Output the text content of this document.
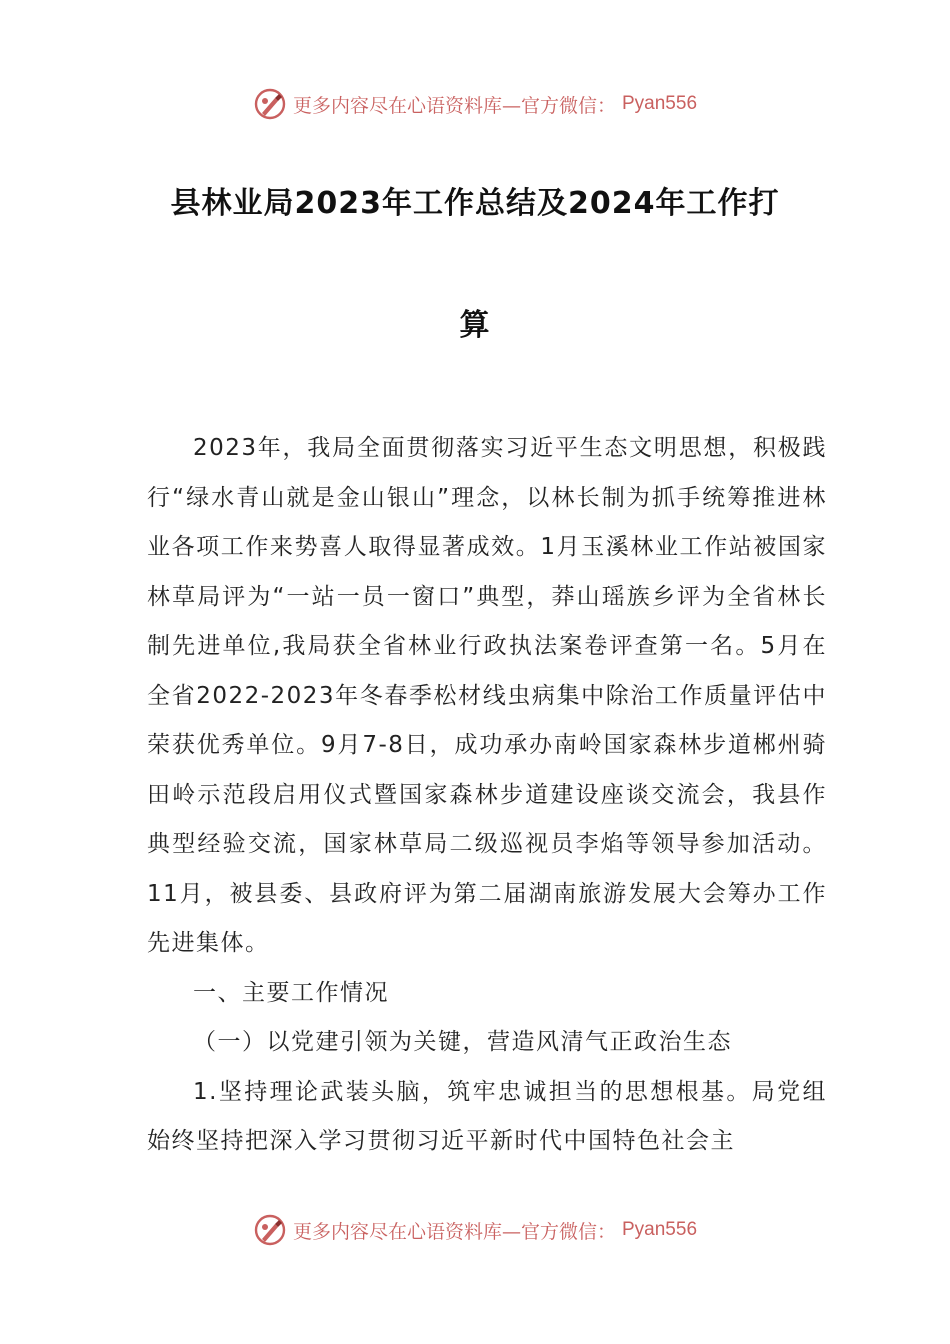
更多内容尽在心语资料库—官方微信： Pyan556
县林业局2023年工作总结及2024年工作打
算

2023年，我局全面贯彻落实习近平生态文明思想，积极践行“绿水青山就是金山银山”理念，以林长制为抓手统筹推进林业各项工作来势喜人取得显著成效。1月玉溪林业工作站被国家林草局评为“一站一员一窗口”典型，莽山瑶族乡评为全省林长制先进单位,我局获全省林业行政执法案卷评查第一名。5月在全省2022-2023年冬春季松材线虫病集中除治工作质量评估中荣获优秀单位。9月7-8日，成功承办南岭国家森林步道郴州骑田岭示范段启用仪式暨国家森林步道建设座谈交流会，我县作典型经验交流，国家林草局二级巡视员李焰等领导参加活动。11月，被县委、县政府评为第二届湖南旅游发展大会筹办工作先进集体。

一、主要工作情况

（一）以党建引领为关键，营造风清气正政治生态

1.坚持理论武装头脑，筑牢忠诚担当的思想根基。局党组始终坚持把深入学习贯彻习近平新时代中国特色社会主

更多内容尽在心语资料库—官方微信： Pyan556
